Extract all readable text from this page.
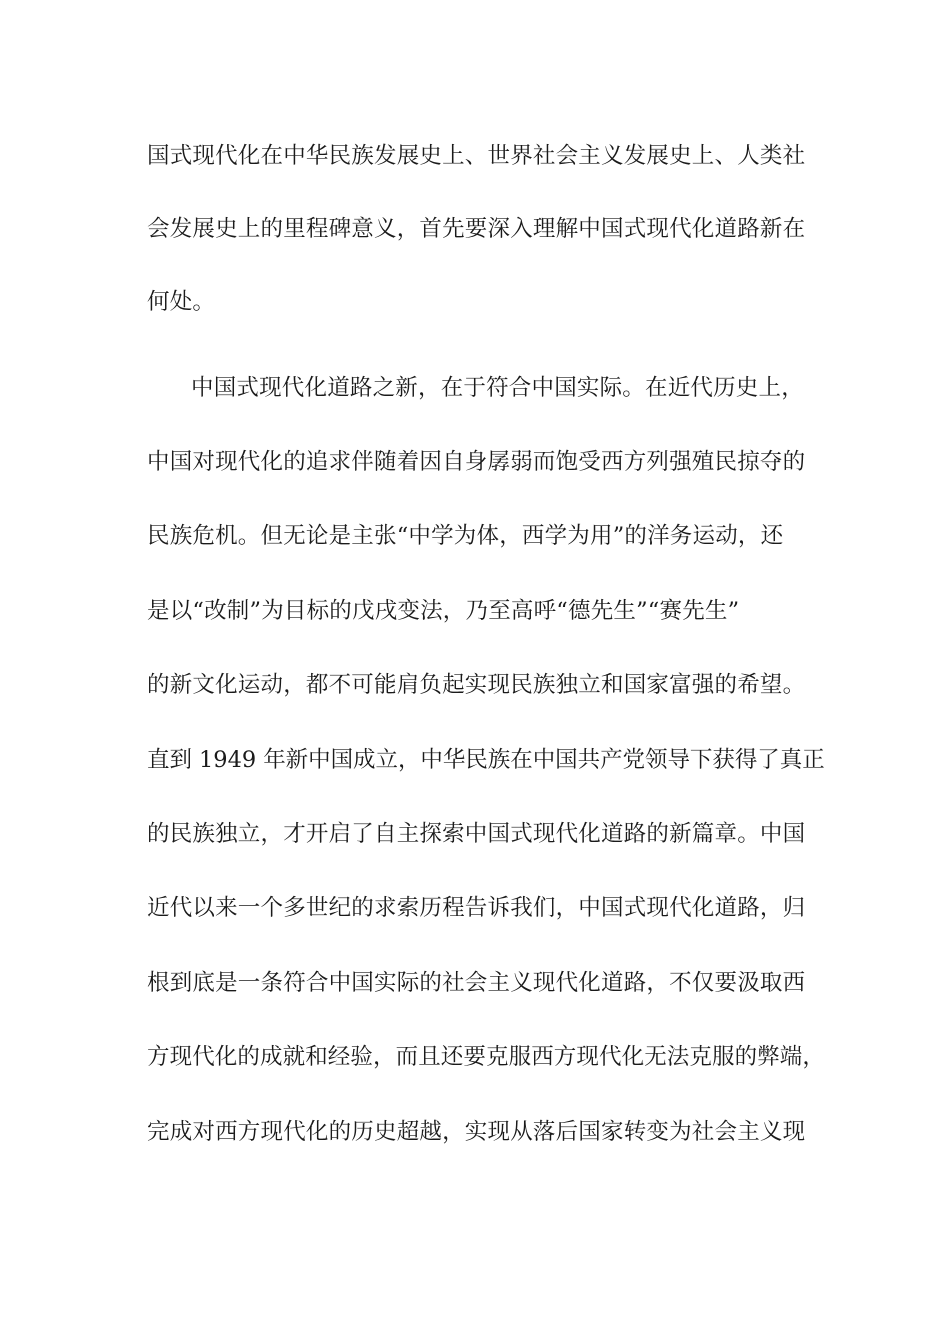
国式现代化在中华民族发展史上、世界社会主义发展史上、人类社

会发展史上的里程碑意义，首先要深入理解中国式现代化道路新在

何处。

中国式现代化道路之新，在于符合中国实际。在近代历史上，

中国对现代化的追求伴随着因自身孱弱而饱受西方列强殖民掠夺的

民族危机。但无论是主张“中学为体，西学为用”的洋务运动，还

是以“改制”为目标的戊戌变法，乃至高呼“德先生”“赛先生”

的新文化运动，都不可能肩负起实现民族独立和国家富强的希望。

直到 1949 年新中国成立，中华民族在中国共产党领导下获得了真正

的民族独立，才开启了自主探索中国式现代化道路的新篇章。中国

近代以来一个多世纪的求索历程告诉我们，中国式现代化道路，归

根到底是一条符合中国实际的社会主义现代化道路，不仅要汲取西

方现代化的成就和经验，而且还要克服西方现代化无法克服的弊端，

完成对西方现代化的历史超越，实现从落后国家转变为社会主义现
